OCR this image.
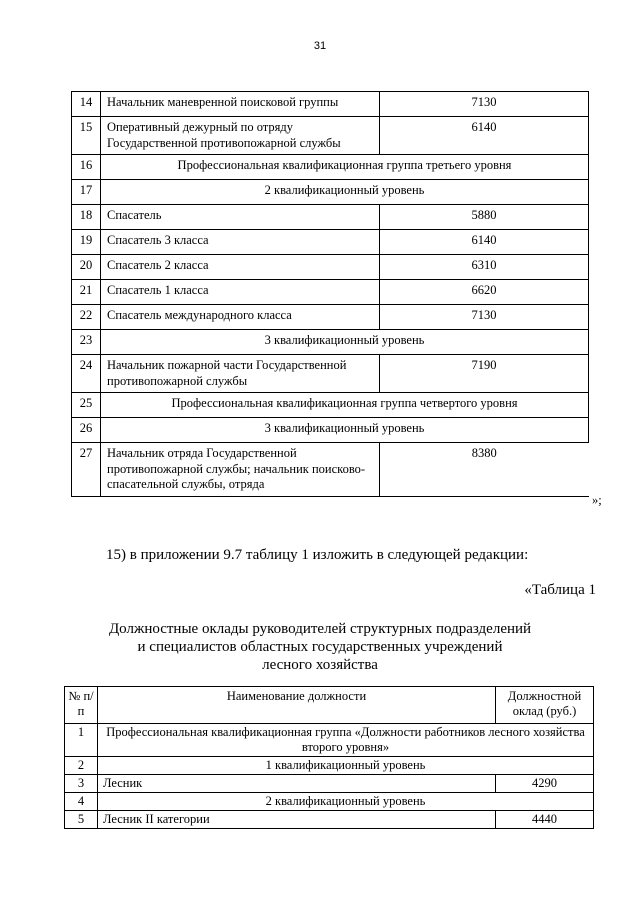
31
14	Начальник маневренной поисковой группы	7130
15	Оперативный дежурный по отряду Государственной противопожарной службы	6140
16	Профессиональная квалификационная группа третьего уровня	
17	2 квалификационный уровень	
18	Спасатель	5880
19	Спасатель 3 класса	6140
20	Спасатель 2 класса	6310
21	Спасатель 1 класса	6620
22	Спасатель международного класса	7130
23	3 квалификационный уровень	
24	Начальник пожарной части Государственной противопожарной службы	7190
25	Профессиональная квалификационная группа четвертого уровня	
26	3 квалификационный уровень	
27	Начальник отряда Государственной противопожарной службы; начальник поисково-спасательной службы, отряда	8380
»;
15) в приложении 9.7 таблицу 1 изложить в следующей редакции:
«Таблица 1
Должностные оклады руководителей структурных подразделений
и специалистов областных государственных учреждений
лесного хозяйства
№ п/п	Наименование должности	Должностной оклад (руб.)
1	Профессиональная квалификационная группа «Должности работников лесного хозяйства второго уровня»	
2	1 квалификационный уровень	
3	Лесник	4290
4	2 квалификационный уровень	
5	Лесник II категории	4440
